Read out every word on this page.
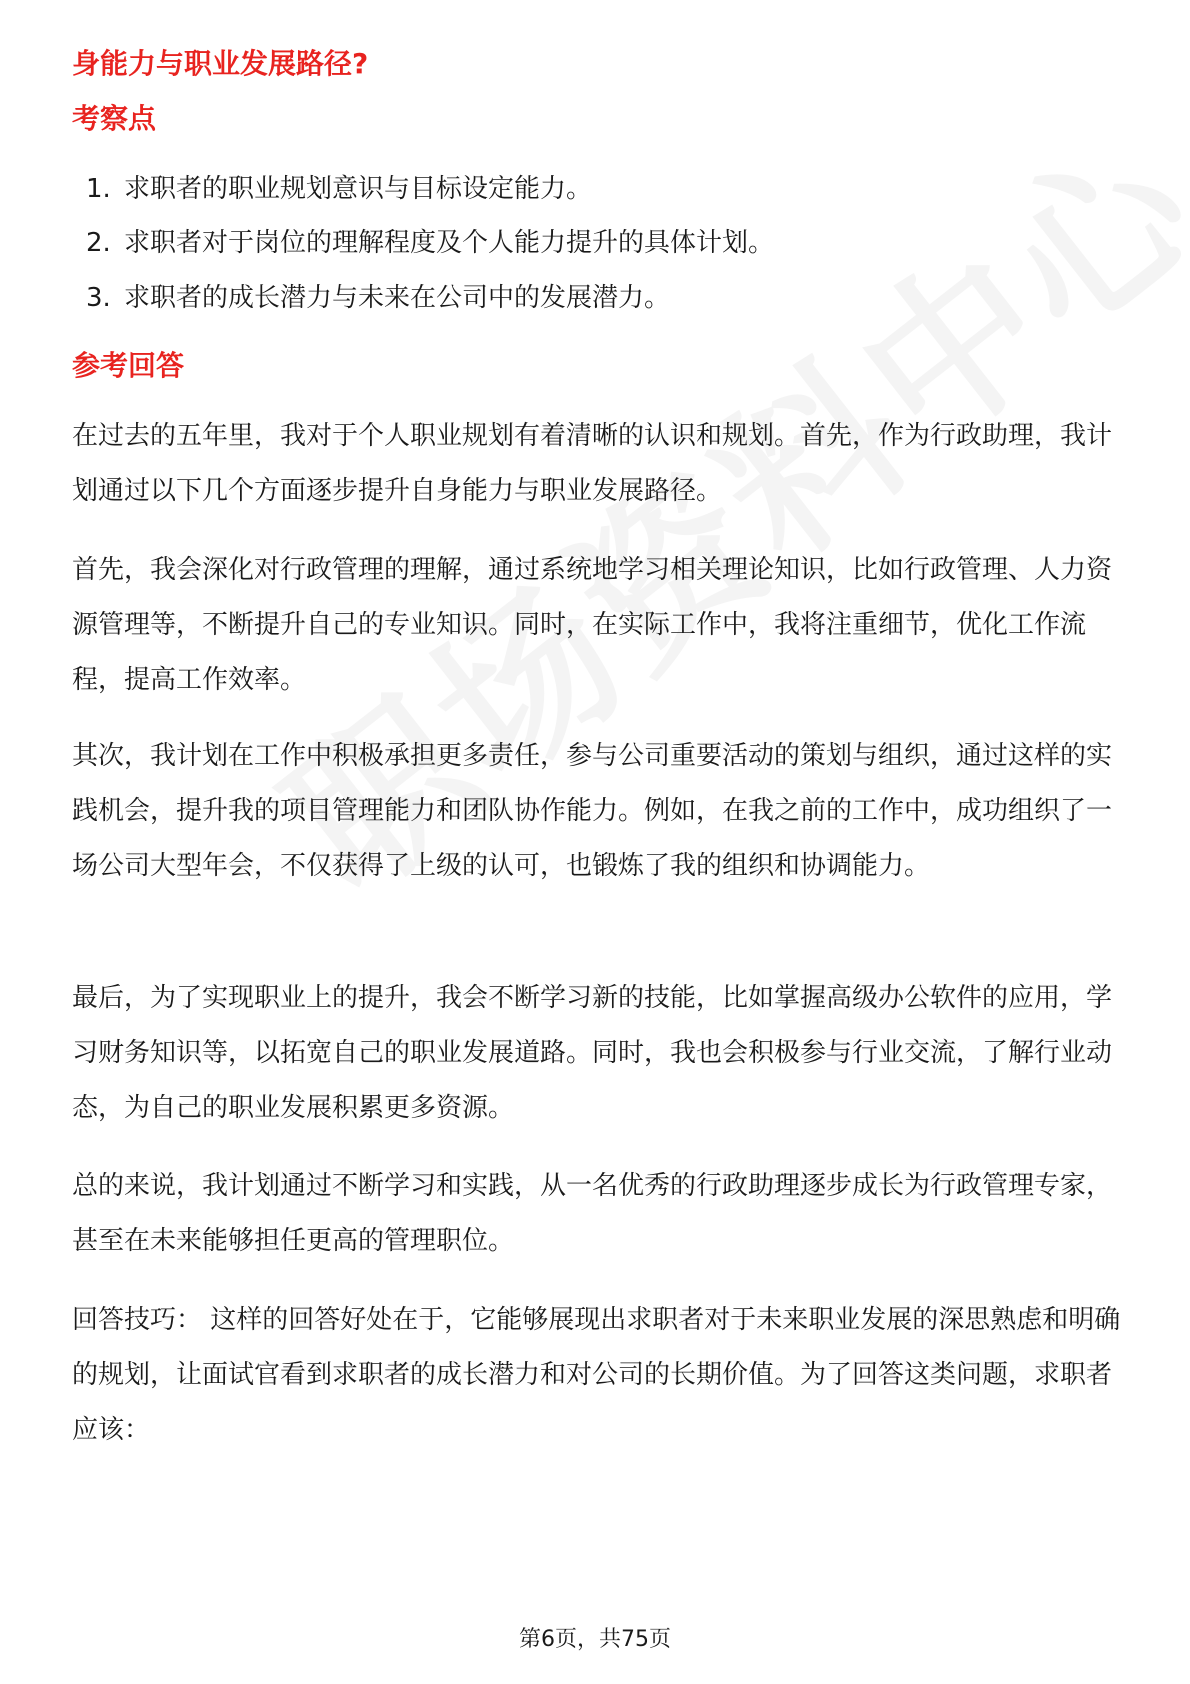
身能力与职业发展路径?
考察点
1. 求职者的职业规划意识与目标设定能力。
2. 求职者对于岗位的理解程度及个人能力提升的具体计划。
3. 求职者的成长潜力与未来在公司中的发展潜力。
参考回答

在过去的五年里，我对于个人职业规划有着清晰的认识和规划。首先，作为行政助理，我计划通过以下几个方面逐步提升自身能力与职业发展路径。

首先，我会深化对行政管理的理解，通过系统地学习相关理论知识，比如行政管理、人力资源管理等，不断提升自己的专业知识。同时，在实际工作中，我将注重细节，优化工作流程，提高工作效率。

其次，我计划在工作中积极承担更多责任，参与公司重要活动的策划与组织，通过这样的实践机会，提升我的项目管理能力和团队协作能力。例如，在我之前的工作中，成功组织了一场公司大型年会，不仅获得了上级的认可，也锻炼了我的组织和协调能力。

最后，为了实现职业上的提升，我会不断学习新的技能，比如掌握高级办公软件的应用，学习财务知识等，以拓宽自己的职业发展道路。同时，我也会积极参与行业交流，了解行业动态，为自己的职业发展积累更多资源。

总的来说，我计划通过不断学习和实践，从一名优秀的行政助理逐步成长为行政管理专家，甚至在未来能够担任更高的管理职位。

回答技巧： 这样的回答好处在于，它能够展现出求职者对于未来职业发展的深思熟虑和明确的规划，让面试官看到求职者的成长潜力和对公司的长期价值。为了回答这类问题，求职者应该：

第6页，共75页
